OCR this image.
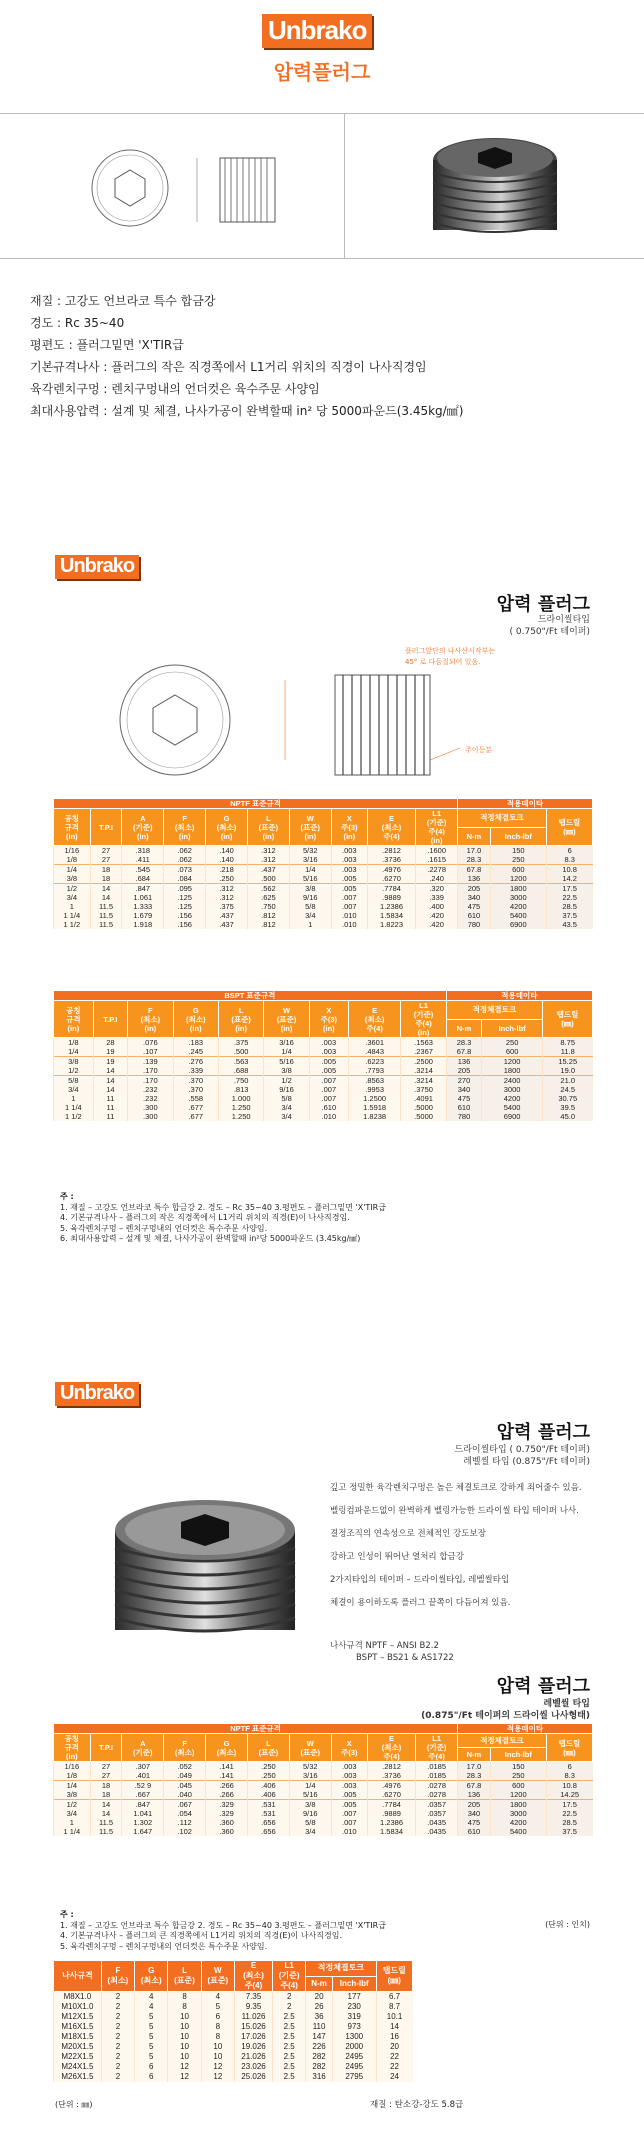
Unbrako
압력플러그

재질 : 고강도 언브라코 특수 합금강

경도 : Rc 35~40

평편도 : 플러그밑면 'X'TIR급

기본규격나사 : 플러그의 작은 직경쪽에서 L1거리 위치의 직경이 나사직경임

육각렌치구멍 : 렌치구멍내의 언더컷은 육수주문 사양임

최대사용압력 : 설계 및 체결, 나사가공이 완벽할때 in² 당 5000파운드(3.45kg/㎟)

Unbrako
압력 플러그
드라이씰타입
( 0.750"/Ft 테이퍼)
플러그앞단의 나사산시작부는
45° 로 다듬질되어 있음.
주이등분
NPTF 표준규격										적용데이타		
공칭
규격
(in)	T.P.I	A
(기준)
(in)	F
(최소)
(in)	G
(최소)
(in)	L
(표준)
(in)	W
(표준)
(in)	X
주(3)
(in)	E
(최소)
주(4)	L1
(기준)
주(4)
(in)	적정체결토크		탭드릴
(㎜)
										N-m	Inch-lbf	
1/16	27	.318	.062	.140	.312	5/32	.003	.2812	.1600	17.0	150	6
1/8	27	.411	.062	.140	.312	3/16	.003	.3736	.1615	28.3	250	8.3
1/4	18	.545	.073	.218	.437	1/4	.003	.4976	.2278	67.8	600	10.8
3/8	18	.684	.084	.250	.500	5/16	.005	.6270	.240	136	1200	14.2
1/2	14	.847	.095	.312	.562	3/8	.005	.7784	.320	205	1800	17.5
3/4	14	1.061	.125	.312	.625	9/16	.007	.9889	.339	340	3000	22.5
1	11.5	1.333	.125	.375	.750	5/8	.007	1.2386	.400	475	4200	28.5
1 1/4	11.5	1.679	.156	.437	.812	3/4	.010	1.5834	.420	610	5400	37.5
1 1/2	11.5	1.918	.156	.437	.812	1	.010	1.8223	.420	780	6900	43.5
BSPT 표준규격									적용데이타		
공칭
규격
(in)	T.P.I	F
(최소)
(in)	G
(최소)
(in)	L
(표준)
(in)	W
(표준)
(in)	X
주(3)
(in)	E
(최소)
주(4)	L1
(기준)
주(4)
(in)	적정체결토크		탭드릴
(㎜)
									N-m	Inch-lbf	
1/8	28	.076	.183	.375	3/16	.003	.3601	.1563	28.3	250	8.75
1/4	19	.107	.245	.500	1/4	.003	.4843	.2367	67.8	600	11.8
3/8	19	.139	.276	.563	5/16	.005	.6223	.2500	136	1200	15.25
1/2	14	.170	.339	.688	3/8	.005	.7793	.3214	205	1800	19.0
5/8	14	.170	.370	.750	1/2	.007	.8563	.3214	270	2400	21.0
3/4	14	.232	.370	.813	9/16	.007	.9953	.3750	340	3000	24.5
1	11	.232	.558	1.000	5/8	.007	1.2500	.4091	475	4200	30.75
1 1/4	11	.300	.677	1.250	3/4	.610	1.5918	.5000	610	5400	39.5
1 1/2	11	.300	.677	1.250	3/4	.010	1.8238	.5000	780	6900	45.0
주 :
1. 재질 – 고강도 언브라코 특수 합금강 2. 경도 – Rc 35~40 3.평편도 – 플러그밑면 'X'TIR급
4. 기본규격나사 – 플러그의 작은 직경쪽에서 L1거리 위치의 직경(E)이 나사직경임.
5. 육각렌치구멍 – 렌치구멍내의 언더컷은 특수주문 사양임.
6. 최대사용압력 – 설계 및 체결, 나사가공이 완벽할때 in²당 5000파운드 (3.45kg/㎟)
Unbrako
압력 플러그
드라이씰타입 ( 0.750"/Ft 테이퍼)
레벨씰 타입 (0.875"/Ft 테이퍼)

깊고 정밀한 육각렌치구멍은 높은 체결토크로 강하게 죄어줄수 있음.

벨링컴파운드없이 완벽하게 벨링가능한 드라이씰 타입 테이퍼 나사.

결정조직의 연속성으로 전체적인 강도보장

강하고 인성이 뛰어난 열처리 합금강

2가지타입의 테이퍼 – 드라이씰타입, 레벨씰타입

체결이 용이하도록 플러그 끝쪽이 다듬어져 있음.

나사규격 NPTF – ANSI B2.2
BSPT – BS21 & AS1722
압력 플러그
레벨씰 타입
(0.875"/Ft 테이퍼의 드라이씰 나사형태)
NPTF 표준규격										적용데이타		
공칭
규격
(in)	T.P.I	A
(기준)	F
(최소)	G
(최소)	L
(표준)	W
(표준)	X
주(3)	E
(최소)
주(4)	L1
(기준)
주(4)	적정체결토크		탭드릴
(㎜)
										N-m	Inch-lbf	
1/16	27	.307	.052	.141	.250	5/32	.003	.2812	.0185	17.0	150	6
1/8	27	.401	.049	.141	.250	3/16	.003	.3736	.0185	28.3	250	8.3
1/4	18	.52 9	.045	.266	.406	1/4	.003	.4976	.0278	67.8	600	10.8
3/8	18	.667	.040	.266	.406	5/16	.005	.6270	.0278	136	1200	14.25
1/2	14	.847	.067	.329	.531	3/8	.005	.7784	.0357	205	1800	17.5
3/4	14	1.041	.054	.329	.531	9/16	.007	.9889	.0357	340	3000	22.5
1	11.5	1.302	.112	.360	.656	5/8	.007	1.2386	.0435	475	4200	28.5
1 1/4	11.5	1.647	.102	.360	.656	3/4	.010	1.5834	.0435	610	5400	37.5
주 :
1. 재질 – 고강도 언브라코 특수 합금강 2. 경도 – Rc 35~40 3.평편도 – 플러그밑면 'X'TIR급
4. 기본규격나사 – 플러그의 큰 직경쪽에서 L1거리 위치의 직경(E)이 나사직경임.
5. 육각렌치구멍 – 렌치구멍내의 언더컷은 특수주문 사양임.
(단위 : 인치)
나사규격	F
(최소)	G
(최소)	L
(표준)	W
(표준)	E
(최소)
주(4)	L1
(기준)
주(4)	적정체결토크		탭드릴
(㎜)
							N-m	Inch-lbf	
M8X1.0	2	4	8	4	7.35	2	20	177	6.7
M10X1.0	2	4	8	5	9.35	2	26	230	8.7
M12X1.5	2	5	10	6	11.026	2.5	36	319	10.1
M16X1.5	2	5	10	8	15.026	2.5	110	973	14
M18X1.5	2	5	10	8	17.026	2.5	147	1300	16
M20X1.5	2	5	10	10	19.026	2.5	226	2000	20
M22X1.5	2	5	10	10	21.026	2.5	282	2495	22
M24X1.5	2	6	12	12	23.026	2.5	282	2495	22
M26X1.5	2	6	12	12	25.026	2.5	316	2795	24
(단위 : ㎜)	재질 : 탄소강-강도 5.8급
